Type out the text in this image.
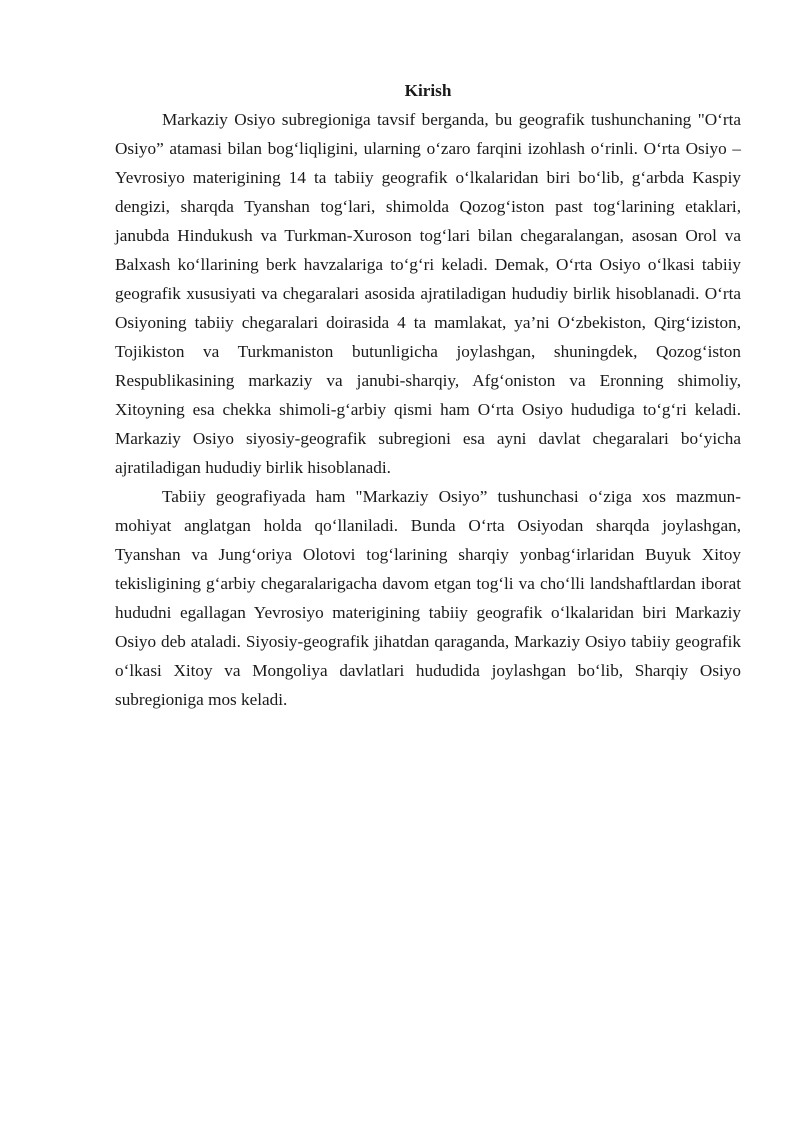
Kirish

Markaziy Osiyo subregioniga tavsif berganda, bu geografik tushunchaning "O‘rta Osiyo” atamasi bilan bog‘liqligini, ularning o‘zaro farqini izohlash o‘rinli. O‘rta Osiyo – Yevrosiyo materigining 14 ta tabiiy geografik o‘lkalaridan biri bo‘lib, g‘arbda Kaspiy dengizi, sharqda Tyanshan tog‘lari, shimolda Qozog‘iston past tog‘larining etaklari, janubda Hindukush va Turkman-Xuroson tog‘lari bilan chegaralangan, asosan Orol va Balxash ko‘llarining berk havzalariga to‘g‘ri keladi. Demak, O‘rta Osiyo o‘lkasi tabiiy geografik xususiyati va chegaralari asosida ajratiladigan hududiy birlik hisoblanadi. O‘rta Osiyoning tabiiy chegaralari doirasida 4 ta mamlakat, ya’ni O‘zbekiston, Qirg‘iziston, Tojikiston va Turkmaniston butunligicha joylashgan, shuningdek, Qozog‘iston Respublikasining markaziy va janubi-sharqiy, Afg‘oniston va Eronning shimoliy, Xitoyning esa chekka shimoli-g‘arbiy qismi ham O‘rta Osiyo hududiga to‘g‘ri keladi. Markaziy Osiyo siyosiy-geografik subregioni esa ayni davlat chegaralari bo‘yicha ajratiladigan hududiy birlik hisoblanadi.

Tabiiy geografiyada ham "Markaziy Osiyo” tushunchasi o‘ziga xos mazmun-mohiyat anglatgan holda qo‘llaniladi. Bunda O‘rta Osiyodan sharqda joylashgan, Tyanshan va Jung‘oriya Olotovi tog‘larining sharqiy yonbag‘irlaridan Buyuk Xitoy tekisligining g‘arbiy chegaralarigacha davom etgan tog‘li va cho‘lli landshaftlardan iborat hududni egallagan Yevrosiyo materigining tabiiy geografik o‘lkalaridan biri Markaziy Osiyo deb ataladi. Siyosiy-geografik jihatdan qaraganda, Markaziy Osiyo tabiiy geografik o‘lkasi Xitoy va Mongoliya davlatlari hududida joylashgan bo‘lib, Sharqiy Osiyo subregioniga mos keladi.
